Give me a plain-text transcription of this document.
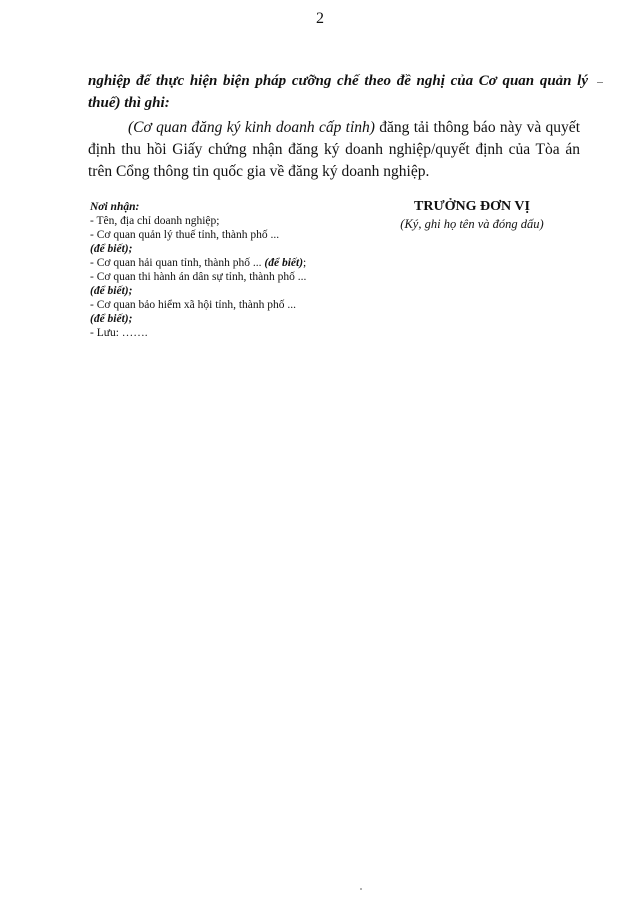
2
nghiệp để thực hiện biện pháp cưỡng chế theo đề nghị của Cơ quan quản lý thuế) thì ghi:
(Cơ quan đăng ký kinh doanh cấp tỉnh) đăng tải thông báo này và quyết định thu hồi Giấy chứng nhận đăng ký doanh nghiệp/quyết định của Tòa án trên Cổng thông tin quốc gia về đăng ký doanh nghiệp.
Nơi nhận:
- Tên, địa chỉ doanh nghiệp;
- Cơ quan quản lý thuế tỉnh, thành phố ...
(để biết);
- Cơ quan hải quan tỉnh, thành phố ... (để biết);
- Cơ quan thi hành án dân sự tỉnh, thành phố ...
(để biết);
- Cơ quan bảo hiểm xã hội tỉnh, thành phố ...
(để biết);
- Lưu: …….
TRƯỞNG ĐƠN VỊ
(Ký, ghi họ tên và đóng dấu)
